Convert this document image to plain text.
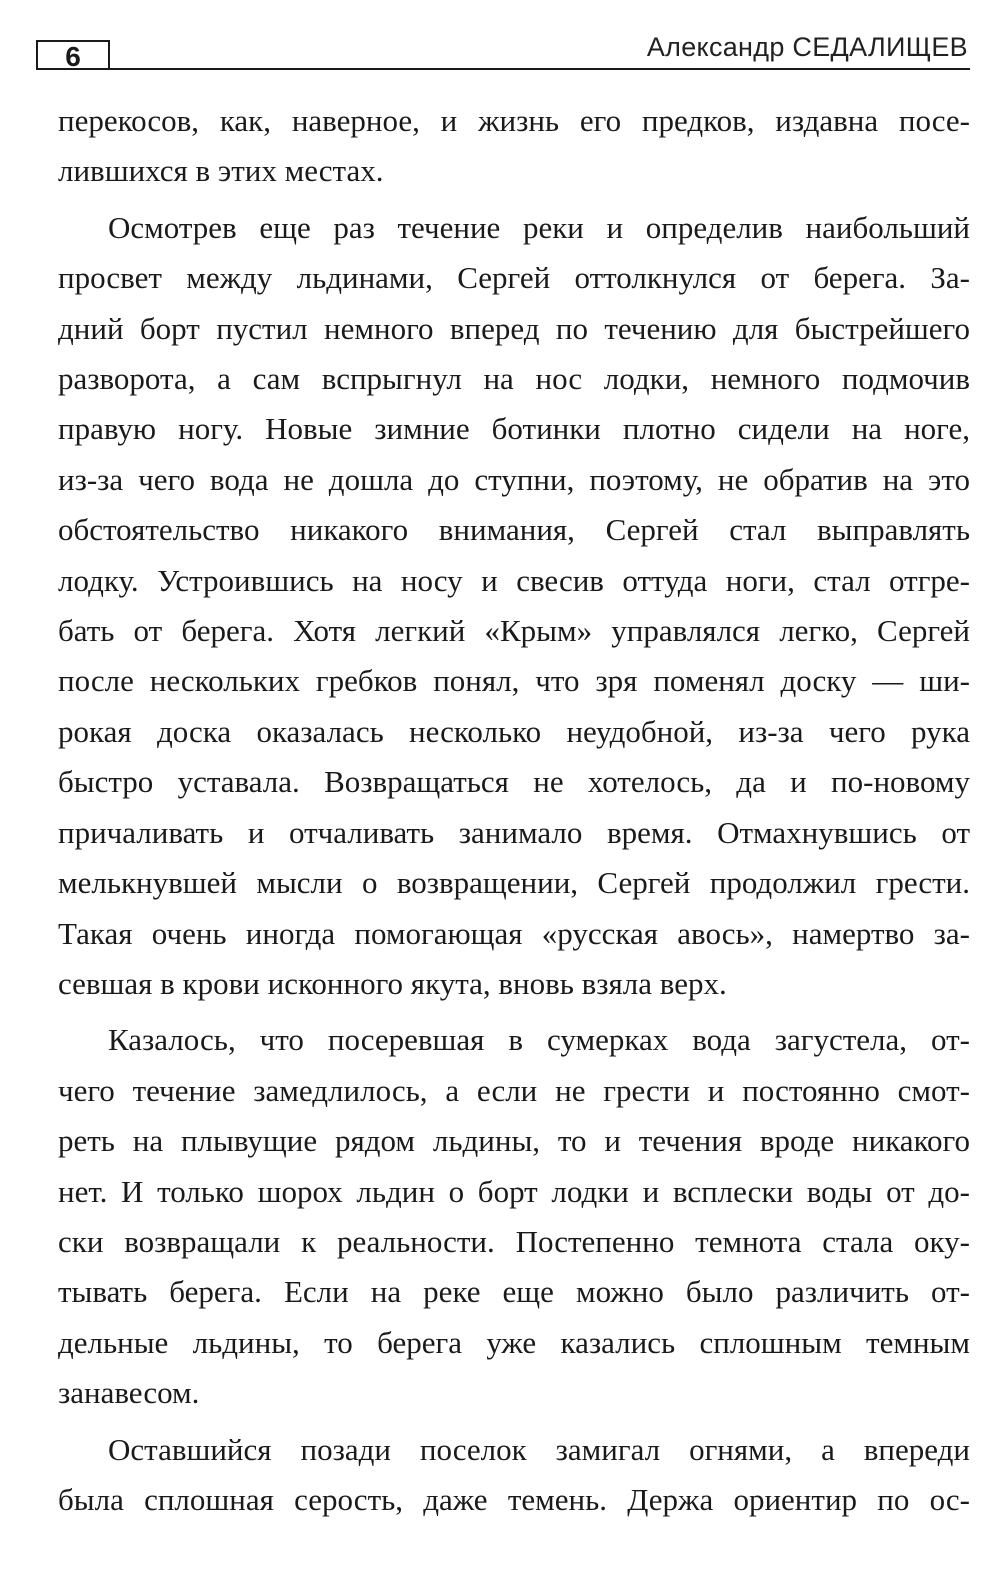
6	Александр СЕДАЛИЩЕВ
перекосов, как, наверное, и жизнь его предков, издавна посе-
лившихся в этих местах.
Осмотрев еще раз течение реки и определив наибольший
просвет между льдинами, Сергей оттолкнулся от берега. За-
дний борт пустил немного вперед по течению для быстрейшего
разворота, а сам вспрыгнул на нос лодки, немного подмочив
правую ногу. Новые зимние ботинки плотно сидели на ноге,
из-за чего вода не дошла до ступни, поэтому, не обратив на это
обстоятельство никакого внимания, Сергей стал выправлять
лодку. Устроившись на носу и свесив оттуда ноги, стал отгре-
бать от берега. Хотя легкий «Крым» управлялся легко, Сергей
после нескольких гребков понял, что зря поменял доску — ши-
рокая доска оказалась несколько неудобной, из-за чего рука
быстро уставала. Возвращаться не хотелось, да и по-новому
причаливать и отчаливать занимало время. Отмахнувшись от
мелькнувшей мысли о возвращении, Сергей продолжил грести.
Такая очень иногда помогающая «русская авось», намертво за-
севшая в крови исконного якута, вновь взяла верх.
Казалось, что посеревшая в сумерках вода загустела, от-
чего течение замедлилось, а если не грести и постоянно смот-
реть на плывущие рядом льдины, то и течения вроде никакого
нет. И только шорох льдин о борт лодки и всплески воды от до-
ски возвращали к реальности. Постепенно темнота стала оку-
тывать берега. Если на реке еще можно было различить от-
дельные льдины, то берега уже казались сплошным темным
занавесом.
Оставшийся позади поселок замигал огнями, а впереди
была сплошная серость, даже темень. Держа ориентир по ос-
